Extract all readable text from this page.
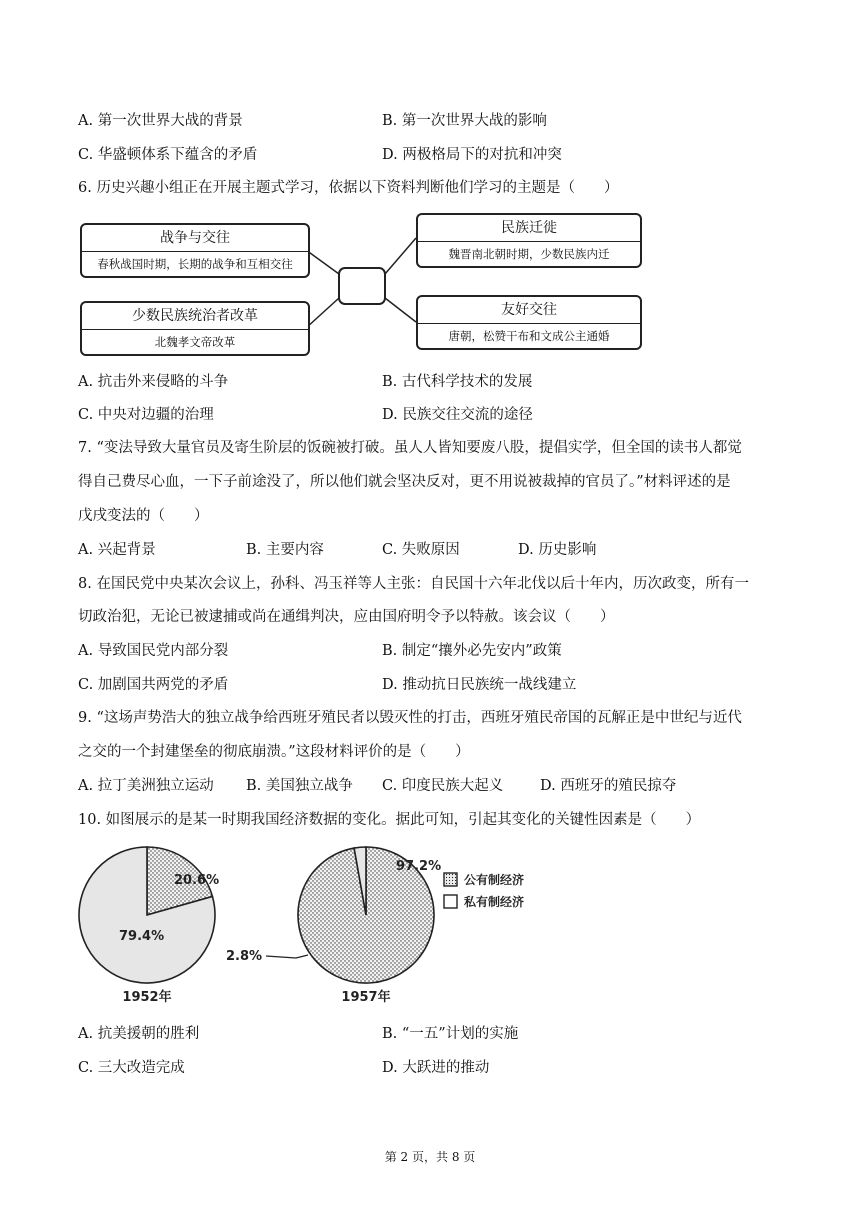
A. 第一次世界大战的背景	B. 第一次世界大战的影响
C. 华盛顿体系下蕴含的矛盾	D. 两极格局下的对抗和冲突
6. 历史兴趣小组正在开展主题式学习，依据以下资料判断他们学习的主题是（　　）
战争与交往
春秋战国时期，长期的战争和互相交往
少数民族统治者改革
北魏孝文帝改革
民族迁徙
魏晋南北朝时期，少数民族内迁
友好交往
唐朝，松赞干布和文成公主通婚
A. 抗击外来侵略的斗争	B. 古代科学技术的发展
C. 中央对边疆的治理	D. 民族交往交流的途径
7. “变法导致大量官员及寄生阶层的饭碗被打破。虽人人皆知要废八股，提倡实学，但全国的读书人都觉
得自己费尽心血，一下子前途没了，所以他们就会坚决反对，更不用说被裁掉的官员了。”材料评述的是
戊戌变法的（　　）
A. 兴起背景	B. 主要内容	C. 失败原因	D. 历史影响
8. 在国民党中央某次会议上，孙科、冯玉祥等人主张：自民国十六年北伐以后十年内，历次政变，所有一
切政治犯，无论已被逮捕或尚在通缉判决，应由国府明令予以特赦。该会议（　　）
A. 导致国民党内部分裂	B. 制定“攘外必先安内”政策
C. 加剧国共两党的矛盾	D. 推动抗日民族统一战线建立
9. “这场声势浩大的独立战争给西班牙殖民者以毁灭性的打击，西班牙殖民帝国的瓦解正是中世纪与近代
之交的一个封建堡垒的彻底崩溃。”这段材料评价的是（　　）
A. 拉丁美洲独立运动 B. 美国独立战争 C. 印度民族大起义	D. 西班牙的殖民掠夺
10. 如图展示的是某一时期我国经济数据的变化。据此可知，引起其变化的关键性因素是（　　）
20.6%
79.4%
1952年
97.2%
2.8%
1957年
公有制经济
私有制经济
A. 抗美援朝的胜利	B. “一五”计划的实施
C. 三大改造完成	D. 大跃进的推动
第 2 页，共 8 页
